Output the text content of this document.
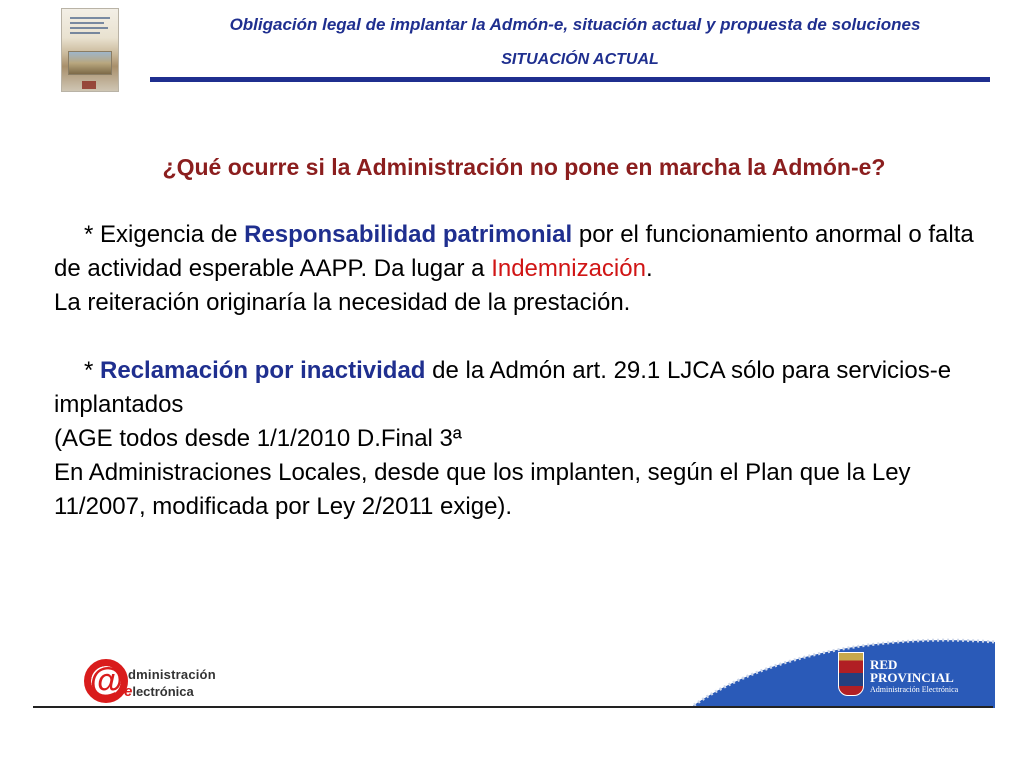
Obligación legal de implantar la Admón-e, situación actual y propuesta de soluciones
SITUACIÓN ACTUAL
¿Qué ocurre si la Administración no pone en marcha la Admón-e?

* Exigencia de Responsabilidad patrimonial por el funcionamiento anormal o falta de actividad esperable AAPP. Da lugar a Indemnización.

La reiteración originaría la necesidad de la prestación.

* Reclamación por inactividad de la Admón art. 29.1 LJCA sólo para servicios-e implantados

(AGE todos desde 1/1/2010 D.Final 3ª

En Administraciones Locales, desde que los implanten, según el Plan que la Ley 11/2007, modificada por Ley 2/2011 exige).

@ dministración
electrónica
RED
PROVINCIAL
Administración Electrónica
